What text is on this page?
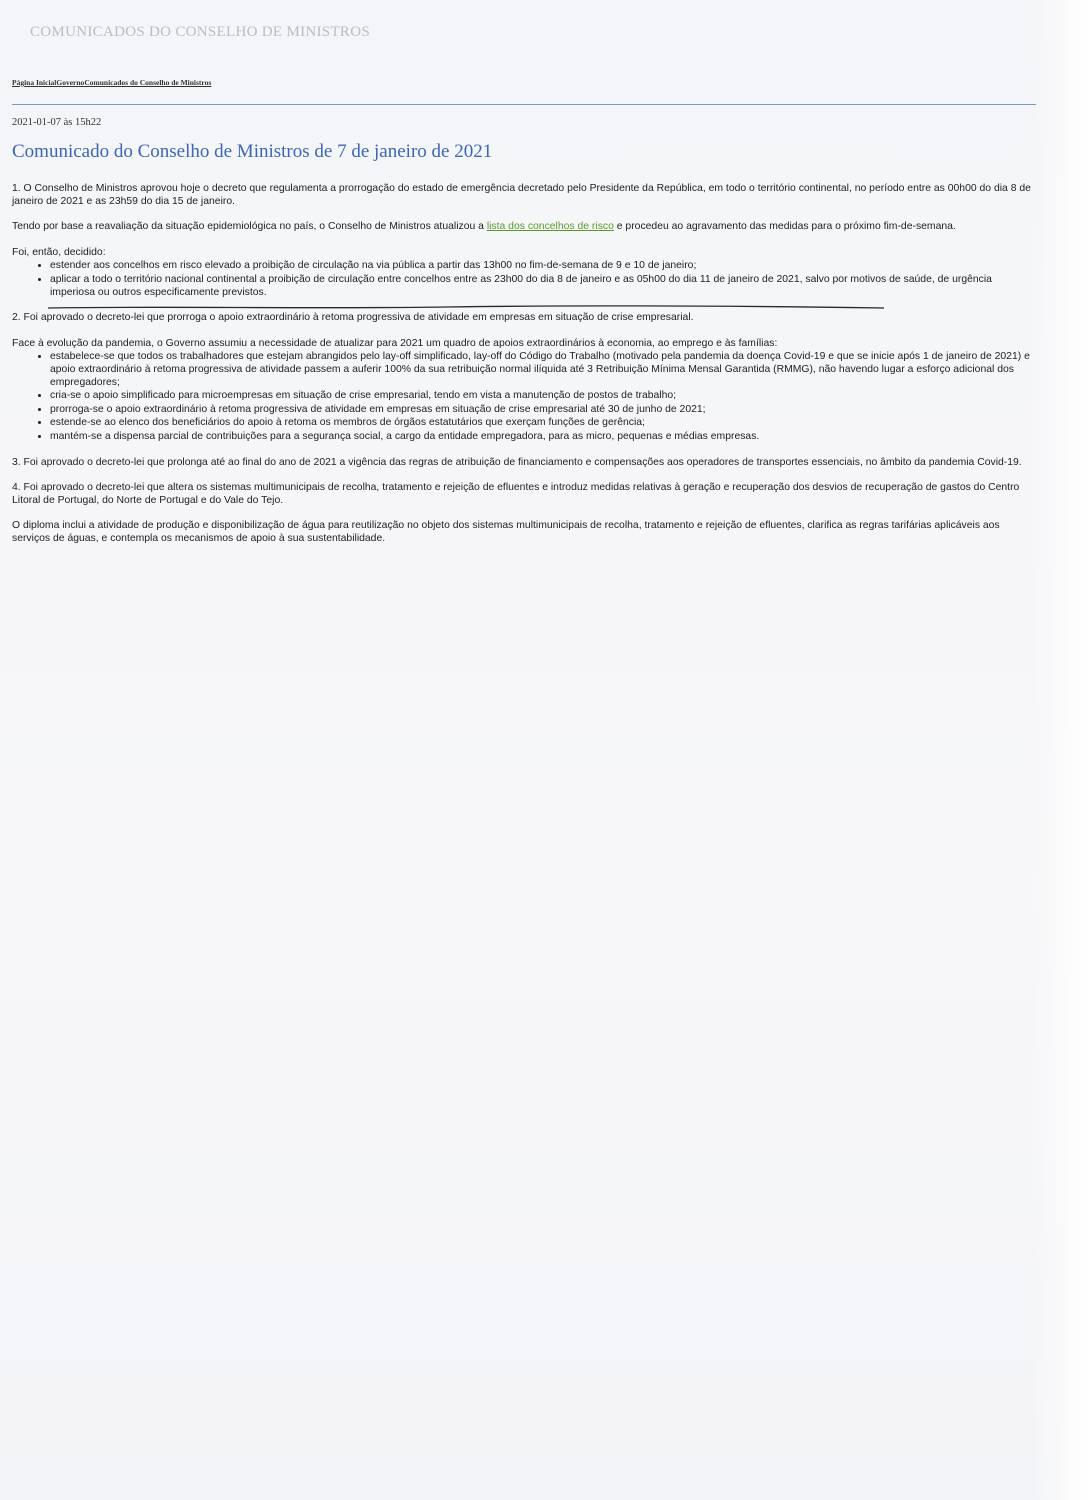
COMUNICADOS DO CONSELHO DE MINISTROS
Página InicialGovernoComunicados do Conselho de Ministros
2021-01-07 às 15h22
Comunicado do Conselho de Ministros de 7 de janeiro de 2021

1. O Conselho de Ministros aprovou hoje o decreto que regulamenta a prorrogação do estado de emergência decretado pelo Presidente da República, em todo o território continental, no período entre as 00h00 do dia 8 de janeiro de 2021 e as 23h59 do dia 15 de janeiro.

Tendo por base a reavaliação da situação epidemiológica no país, o Conselho de Ministros atualizou a lista dos concelhos de risco e procedeu ao agravamento das medidas para o próximo fim-de-semana.

Foi, então, decidido:
• estender aos concelhos em risco elevado a proibição de circulação na via pública a partir das 13h00 no fim-de-semana de 9 e 10 de janeiro;
• aplicar a todo o território nacional continental a proibição de circulação entre concelhos entre as 23h00 do dia 8 de janeiro e as 05h00 do dia 11 de janeiro de 2021, salvo por motivos de saúde, de urgência imperiosa ou outros especificamente previstos.

2. Foi aprovado o decreto-lei que prorroga o apoio extraordinário à retoma progressiva de atividade em empresas em situação de crise empresarial.

Face à evolução da pandemia, o Governo assumiu a necessidade de atualizar para 2021 um quadro de apoios extraordinários à economia, ao emprego e às famílias:
• estabelece-se que todos os trabalhadores que estejam abrangidos pelo lay-off simplificado, lay-off do Código do Trabalho (motivado pela pandemia da doença Covid-19 e que se inicie após 1 de janeiro de 2021) e apoio extraordinário à retoma progressiva de atividade passem a auferir 100% da sua retribuição normal ilíquida até 3 Retribuição Mínima Mensal Garantida (RMMG), não havendo lugar a esforço adicional dos empregadores;
• cria-se o apoio simplificado para microempresas em situação de crise empresarial, tendo em vista a manutenção de postos de trabalho;
• prorroga-se o apoio extraordinário à retoma progressiva de atividade em empresas em situação de crise empresarial até 30 de junho de 2021;
• estende-se ao elenco dos beneficiários do apoio à retoma os membros de órgãos estatutários que exerçam funções de gerência;
• mantém-se a dispensa parcial de contribuições para a segurança social, a cargo da entidade empregadora, para as micro, pequenas e médias empresas.

3. Foi aprovado o decreto-lei que prolonga até ao final do ano de 2021 a vigência das regras de atribuição de financiamento e compensações aos operadores de transportes essenciais, no âmbito da pandemia Covid-19.

4. Foi aprovado o decreto-lei que altera os sistemas multimunicipais de recolha, tratamento e rejeição de efluentes e introduz medidas relativas à geração e recuperação dos desvios de recuperação de gastos do Centro Litoral de Portugal, do Norte de Portugal e do Vale do Tejo.

O diploma inclui a atividade de produção e disponibilização de água para reutilização no objeto dos sistemas multimunicipais de recolha, tratamento e rejeição de efluentes, clarifica as regras tarifárias aplicáveis aos serviços de águas, e contempla os mecanismos de apoio à sua sustentabilidade.
